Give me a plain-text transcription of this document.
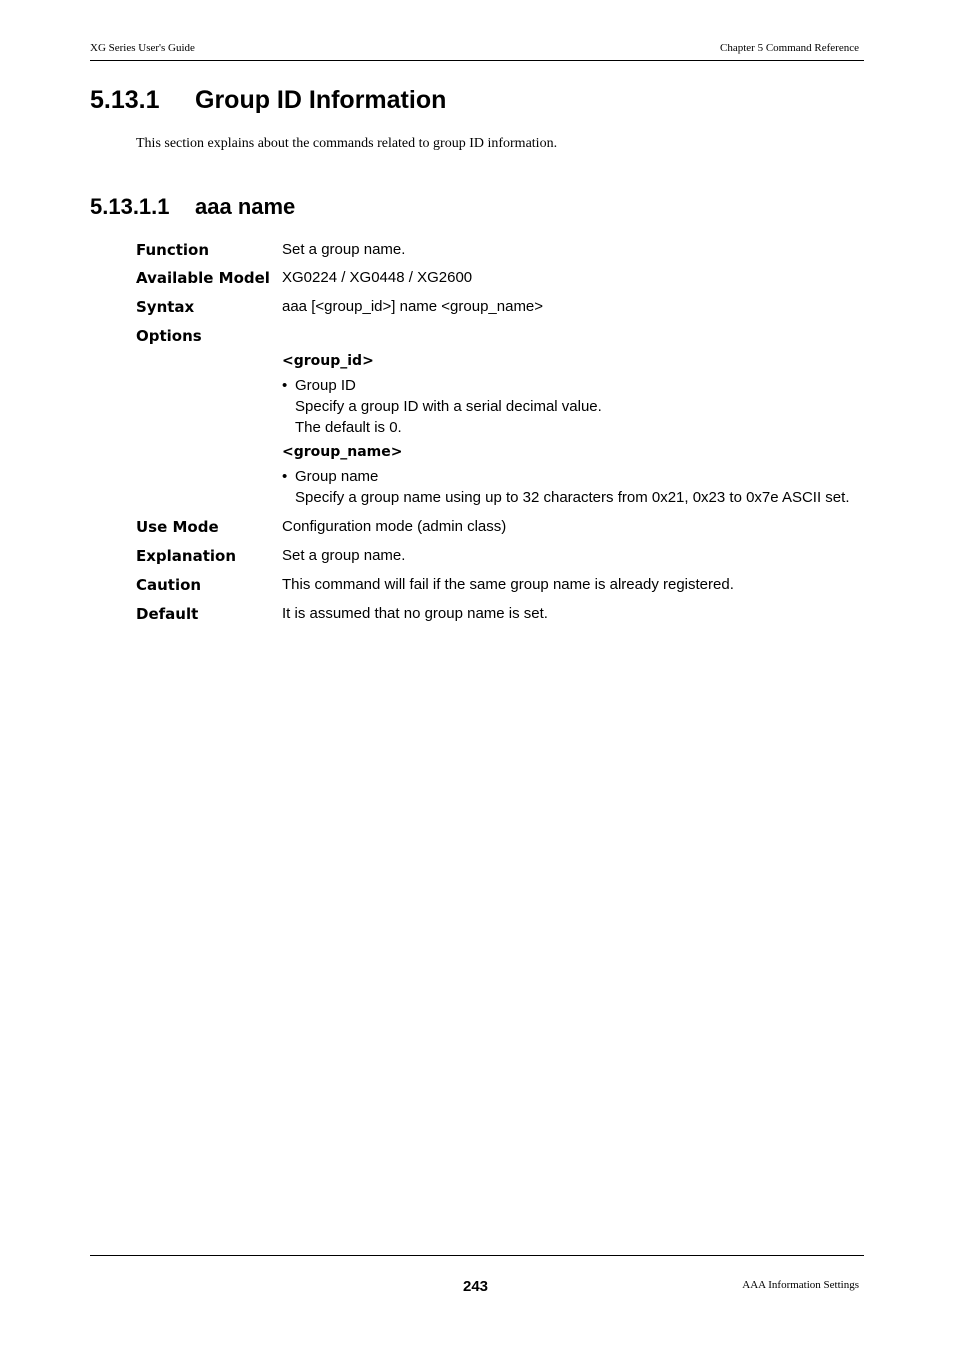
XG Series User's Guide	Chapter 5 Command Reference
5.13.1 Group ID Information
This section explains about the commands related to group ID information.
5.13.1.1 aaa name
Function	Set a group name.
Available Model XG0224 / XG0448 / XG2600
Syntax	aaa [<group_id>] name <group_name>
Options
<group_id>
• Group ID
Specify a group ID with a serial decimal value.
The default is 0.
<group_name>
• Group name
Specify a group name using up to 32 characters from 0x21, 0x23 to 0x7e ASCII set.
Use Mode	Configuration mode (admin class)
Explanation	Set a group name.
Caution	This command will fail if the same group name is already registered.
Default	It is assumed that no group name is set.
243	AAA Information Settings
